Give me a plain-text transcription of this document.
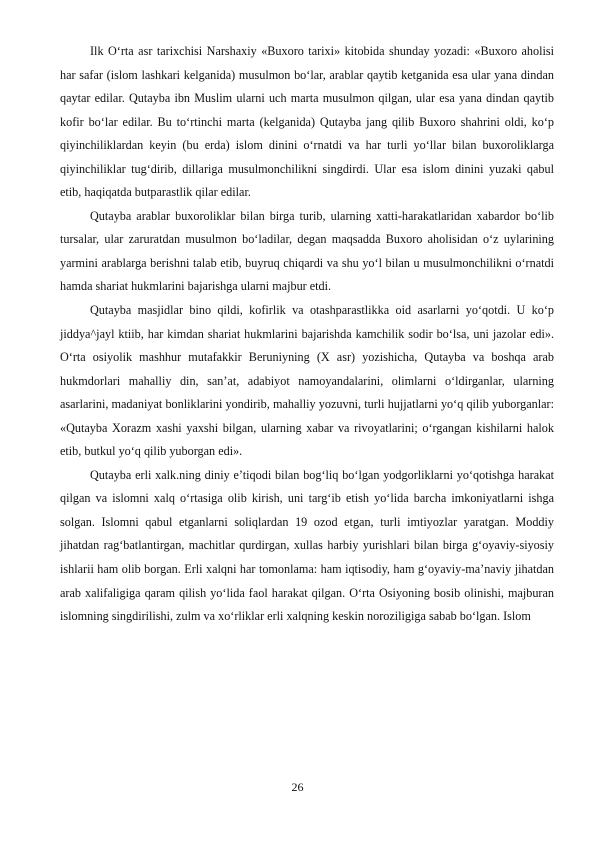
Ilk O‘rta asr tarixchisi Narshaxiy «Buxoro tarixi» kitobida shunday yozadi: «Buxoro aholisi har safar (islom lashkari kelganida) musulmon bo‘lar, arablar qaytib ketganida esa ular yana dindan qaytar edilar. Qutayba ibn Muslim ularni uch marta musulmon qilgan, ular esa yana dindan qaytib kofir bo‘lar edilar. Bu to‘rtinchi marta (kelganida) Qutayba jang qilib Buxoro shahrini oldi, ko‘p qiyinchiliklardan keyin (bu erda) islom dinini o‘rnatdi va har turli yo‘llar bilan buxoroliklarga qiyinchiliklar tug‘dirib, dillariga musulmonchilikni singdirdi. Ular esa islom dinini yuzaki qabul etib, haqiqatda butparastlik qilar edilar.

Qutayba arablar buxoroliklar bilan birga turib, ularning xatti-harakatlaridan xabardor bo‘lib tursalar, ular zaruratdan musulmon bo‘ladilar, degan maqsadda Buxoro aholisidan o‘z uylarining yarmini arablarga berishni talab etib, buyruq chiqardi va shu yo‘l bilan u musulmonchilikni o‘rnatdi hamda shariat hukmlarini bajarishga ularni majbur etdi.

Qutayba masjidlar bino qildi, kofirlik va otashparastlikka oid asarlarni yo‘qotdi. U ko‘p jiddya^jayl ktiib, har kimdan shariat hukmlarini bajarishda kamchilik sodir bo‘lsa, uni jazolar edi». O‘rta osiyolik mashhur mutafakkir Beruniyning (X asr) yozishicha, Qutayba va boshqa arab hukmdorlari mahalliy din, san’at, adabiyot namoyandalarini, olimlarni o‘ldirganlar, ularning asarlarini, madaniyat bonliklarini yondirib, mahalliy yozuvni, turli hujjatlarni yo‘q qilib yuborganlar: «Qutayba Xorazm xashi yaxshi bilgan, ularning xabar va rivoyatlarini; o‘rgangan kishilarni halok etib, butkul yo‘q qilib yuborgan edi».

Qutayba erli xalk.ning diniy e’tiqodi bilan bog‘liq bo‘lgan yodgorliklarni yo‘qotishga harakat qilgan va islomni xalq o‘rtasiga olib kirish, uni targ‘ib etish yo‘lida barcha imkoniyatlarni ishga solgan. Islomni qabul etganlarni soliqlardan 19 ozod etgan, turli imtiyozlar yaratgan. Moddiy jihatdan rag‘batlantirgan, machitlar qurdirgan, xullas harbiy yurishlari bilan birga g‘oyaviy-siyosiy ishlarii ham olib borgan. Erli xalqni har tomonlama: ham iqtisodiy, ham g‘oyaviy-ma’naviy jihatdan arab xalifaligiga qaram qilish yo‘lida faol harakat qilgan. O‘rta Osiyoning bosib olinishi, majburan islomning singdirilishi, zulm va xo‘rliklar erli xalqning keskin noroziligiga sabab bo‘lgan. Islom

26
